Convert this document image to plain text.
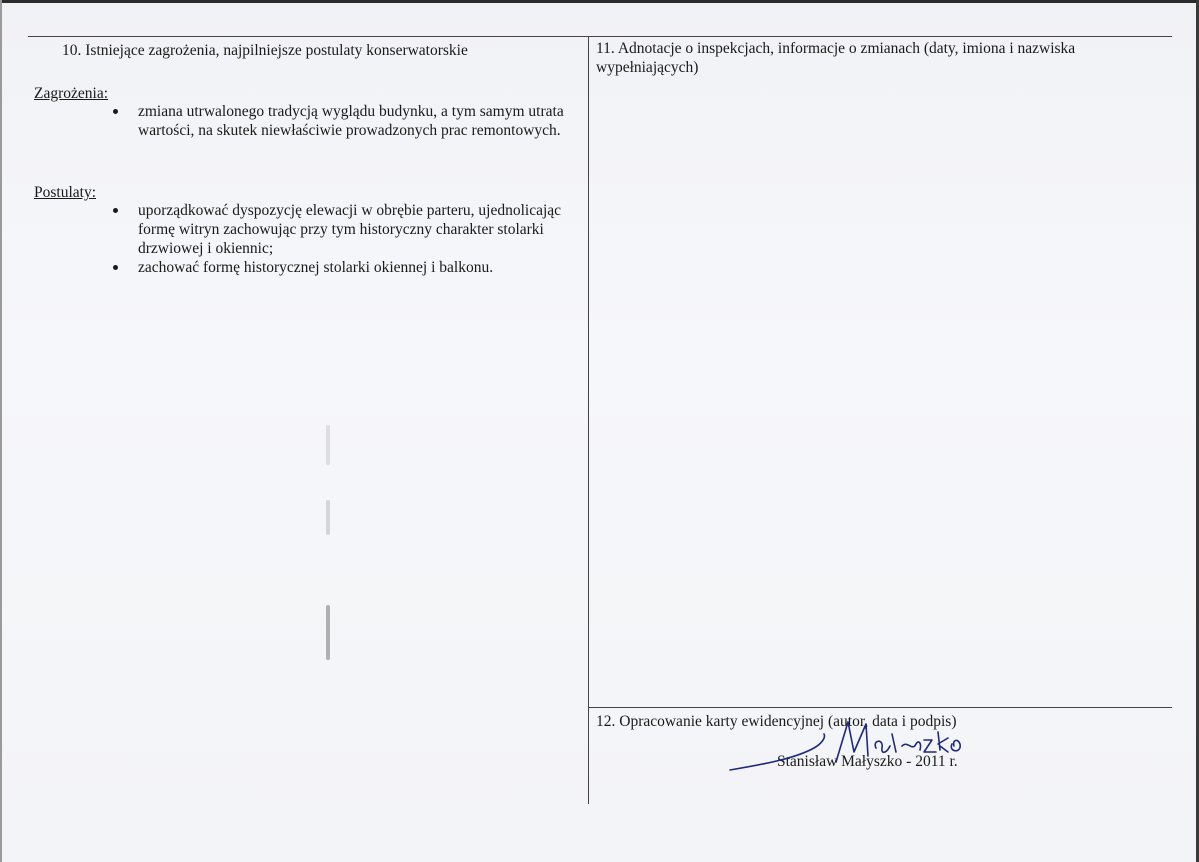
10. Istniejące zagrożenia, najpilniejsze postulaty konserwatorskie
Zagrożenia:
zmiana utrwalonego tradycją wyglądu budynku, a tym samym utrata wartości, na skutek niewłaściwie prowadzonych prac remontowych.
Postulaty:
uporządkować dyspozycję elewacji w obrębie parteru, ujednolicając formę witryn zachowując przy tym historyczny charakter stolarki drzwiowej i okiennic;
zachować formę historycznej stolarki okiennej i balkonu.
11. Adnotacje o inspekcjach, informacje o zmianach (daty, imiona i nazwiska wypełniających)
12. Opracowanie karty ewidencyjnej (autor, data i podpis)
Stanisław Małyszko - 2011 r.
